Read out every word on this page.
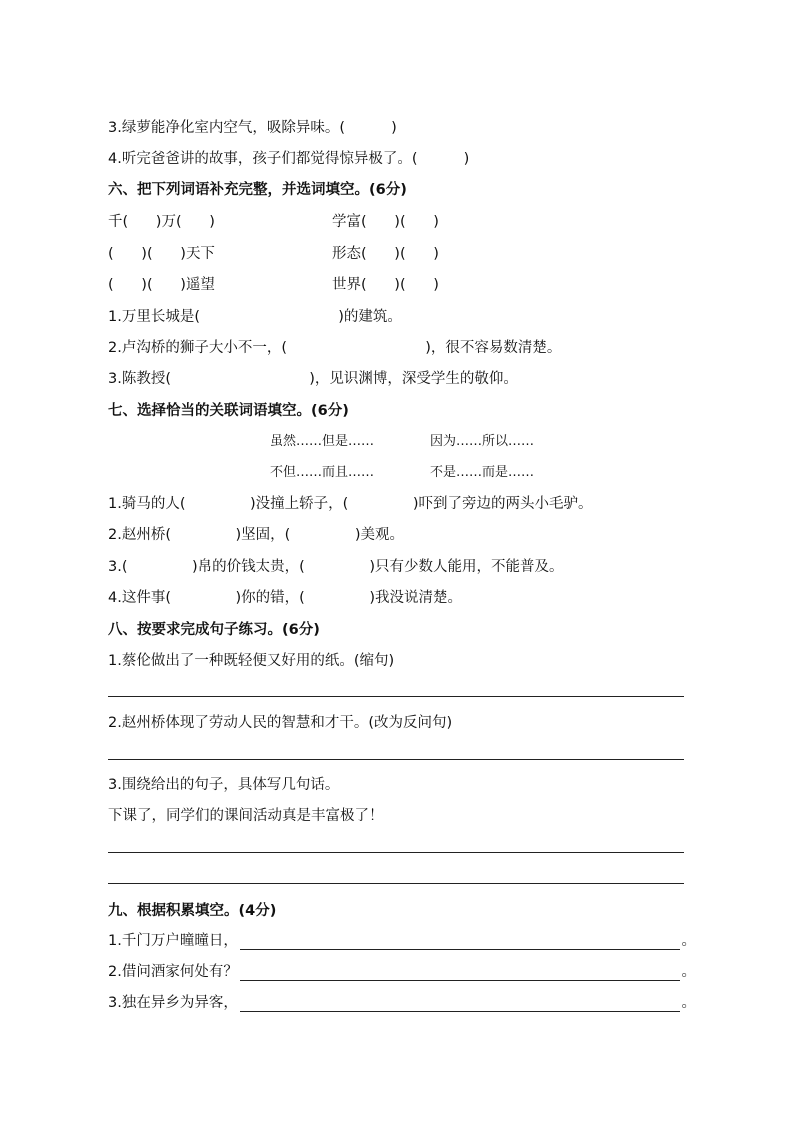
3.绿萝能净化室内空气，吸除异味。(          )
4.听完爸爸讲的故事，孩子们都觉得惊异极了。(          )
六、把下列词语补充完整，并选词填空。(6分)
千(      )万(      )	学富(      )(      )
(      )(      )天下	形态(      )(      )
(      )(      )遥望	世界(      )(      )
1.万里长城是(                              )的建筑。
2.卢沟桥的狮子大小不一，(                              )，很不容易数清楚。
3.陈教授(                              )，见识渊博，深受学生的敬仰。
七、选择恰当的关联词语填空。(6分)
虽然……但是……	因为……所以……
不但……而且……	不是……而是……
1.骑马的人(              )没撞上轿子，(              )吓到了旁边的两头小毛驴。
2.赵州桥(              )坚固，(              )美观。
3.(              )帛的价钱太贵，(              )只有少数人能用，不能普及。
4.这件事(              )你的错，(              )我没说清楚。
八、按要求完成句子练习。(6分)
1.蔡伦做出了一种既轻便又好用的纸。(缩句)
2.赵州桥体现了劳动人民的智慧和才干。(改为反问句)
3.围绕给出的句子，具体写几句话。
下课了，同学们的课间活动真是丰富极了！
九、根据积累填空。(4分)
1.千门万户曈曈日，	。
2.借问酒家何处有？	。
3.独在异乡为异客，	。
